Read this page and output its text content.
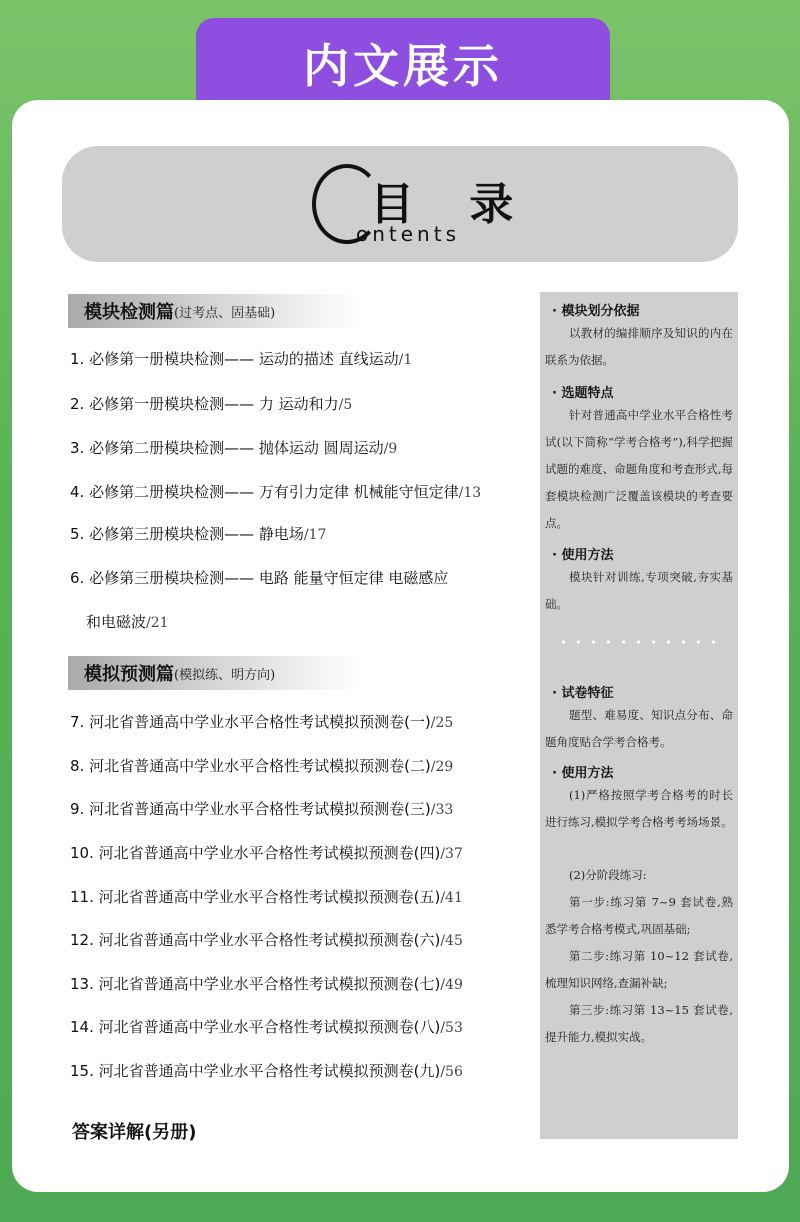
内文展示
目 录
ontents
模块检测篇 (过考点、固基础)
1. 必修第一册模块检测—— 运动的描述 直线运动/1
2. 必修第一册模块检测—— 力 运动和力/5
3. 必修第二册模块检测—— 抛体运动 圆周运动/9
4. 必修第二册模块检测—— 万有引力定律 机械能守恒定律/13
5. 必修第三册模块检测—— 静电场/17
6. 必修第三册模块检测—— 电路 能量守恒定律 电磁感应
和电磁波/21
模拟预测篇 (模拟练、明方向)
7. 河北省普通高中学业水平合格性考试模拟预测卷(一)/25
8. 河北省普通高中学业水平合格性考试模拟预测卷(二)/29
9. 河北省普通高中学业水平合格性考试模拟预测卷(三)/33
10. 河北省普通高中学业水平合格性考试模拟预测卷(四)/37
11. 河北省普通高中学业水平合格性考试模拟预测卷(五)/41
12. 河北省普通高中学业水平合格性考试模拟预测卷(六)/45
13. 河北省普通高中学业水平合格性考试模拟预测卷(七)/49
14. 河北省普通高中学业水平合格性考试模拟预测卷(八)/53
15. 河北省普通高中学业水平合格性考试模拟预测卷(九)/56
答案详解(另册)
· 模块划分依据
以教材的编排顺序及知识的内在联系为依据。
· 选题特点
针对普通高中学业水平合格性考试(以下简称“学考合格考”),科学把握试题的难度、命题角度和考查形式,每套模块检测广泛覆盖该模块的考查要点。
· 使用方法
模块针对训练,专项突破,夯实基础。
· 试卷特征
题型、难易度、知识点分布、命题角度贴合学考合格考。
· 使用方法
(1)严格按照学考合格考的时长进行练习,模拟学考合格考考场场景。
(2)分阶段练习:
第一步:练习第 7~9 套试卷,熟悉学考合格考模式,巩固基础;
第二步:练习第 10~12 套试卷,梳理知识网络,查漏补缺;
第三步:练习第 13~15 套试卷,提升能力,模拟实战。
